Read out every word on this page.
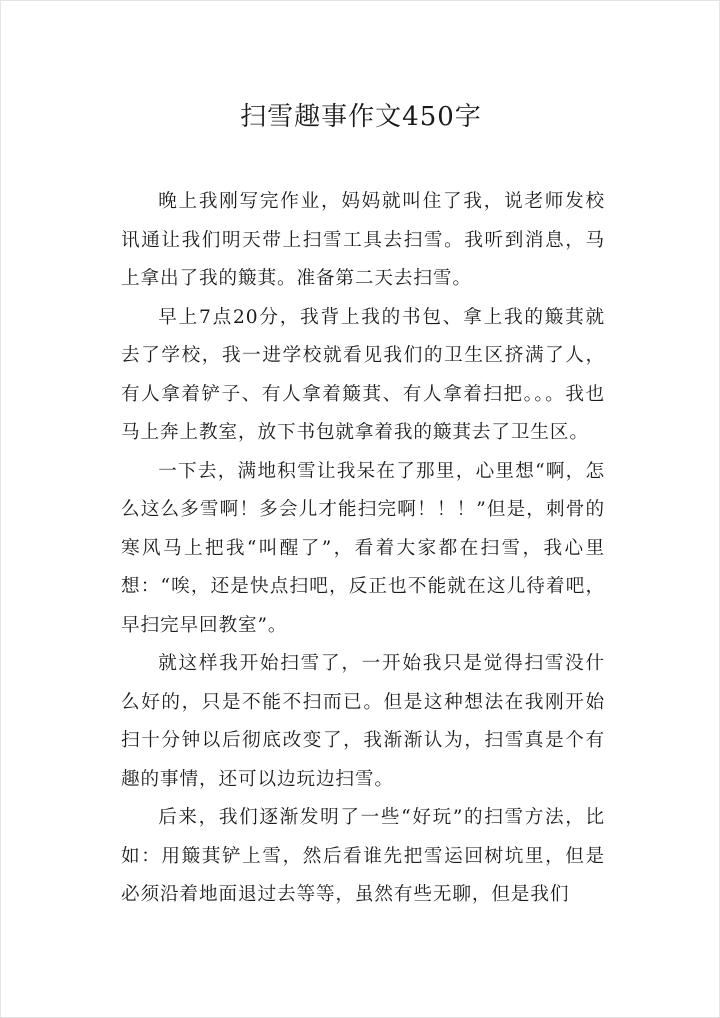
扫雪趣事作文450字

晚上我刚写完作业，妈妈就叫住了我，说老师发校讯通让我们明天带上扫雪工具去扫雪。我听到消息，马上拿出了我的簸萁。准备第二天去扫雪。

早上7点20分，我背上我的书包、拿上我的簸萁就去了学校，我一进学校就看见我们的卫生区挤满了人，有人拿着铲子、有人拿着簸萁、有人拿着扫把。。。我也马上奔上教室，放下书包就拿着我的簸萁去了卫生区。

一下去，满地积雪让我呆在了那里，心里想“啊，怎么这么多雪啊！多会儿才能扫完啊！！！”但是，刺骨的寒风马上把我“叫醒了”，看着大家都在扫雪，我心里想：“唉，还是快点扫吧，反正也不能就在这儿待着吧，早扫完早回教室”。

就这样我开始扫雪了，一开始我只是觉得扫雪没什么好的，只是不能不扫而已。但是这种想法在我刚开始扫十分钟以后彻底改变了，我渐渐认为，扫雪真是个有趣的事情，还可以边玩边扫雪。

后来，我们逐渐发明了一些“好玩”的扫雪方法，比如：用簸萁铲上雪，然后看谁先把雪运回树坑里，但是必须沿着地面退过去等等，虽然有些无聊，但是我们
